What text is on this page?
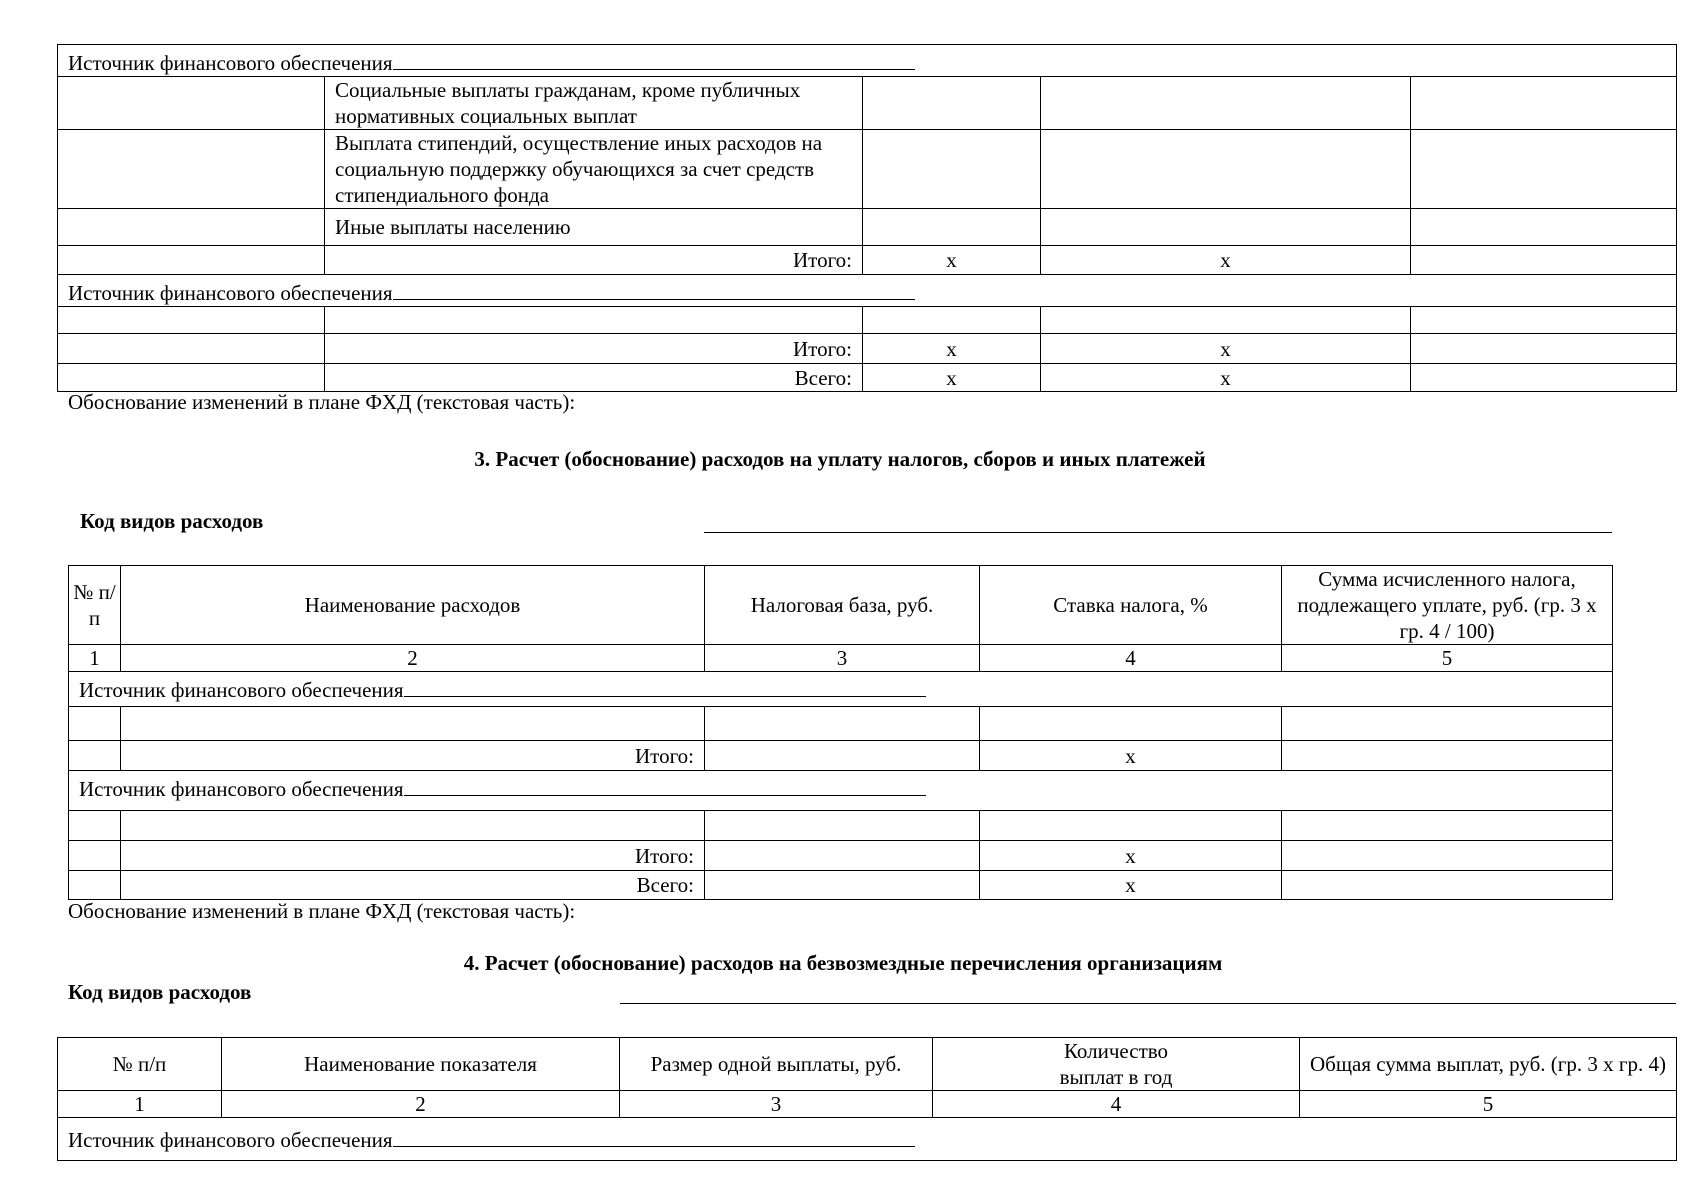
Источник финансового обеспечения				
	Социальные выплаты гражданам, кроме публичных нормативных социальных выплат			
	Выплата стипендий, осуществление иных расходов на социальную поддержку обучающихся за счет средств стипендиального фонда			
	Иные выплаты населению			
	Итого:	х	х	
Источник финансового обеспечения				

	Итого:	х	х	
	Всего:	х	х	
Обоснование изменений в плане ФХД (текстовая часть):
3. Расчет (обоснование) расходов на уплату налогов, сборов и иных платежей
Код видов расходов
№ п/п	Наименование расходов	Налоговая база, руб.	Ставка налога, %	Сумма исчисленного налога, подлежащего уплате, руб. (гр. 3 х гр. 4 / 100)
1	2	3	4	5
Источник финансового обеспечения				

	Итого:		х	
Источник финансового обеспечения				

	Итого:		х	
	Всего:		х	
Обоснование изменений в плане ФХД (текстовая часть):
4. Расчет (обоснование) расходов на безвозмездные перечисления организациям
Код видов расходов
№ п/п	Наименование показателя	Размер одной выплаты, руб.	Количество выплат в год	Общая сумма выплат, руб. (гр. 3 х гр. 4)
1	2	3	4	5
Источник финансового обеспечения				
